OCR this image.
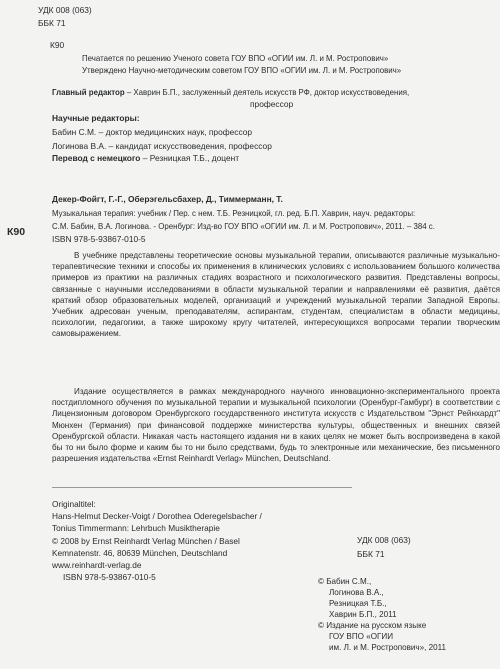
УДК 008 (063)
ББК 71
К90
Печатается по решению Ученого совета ГОУ ВПО «ОГИИ им. Л. и М. Ростропович»
Утверждено Научно-методическим советом ГОУ ВПО «ОГИИ им. Л. и М. Ростропович»
Главный редактор – Хаврин Б.П., заслуженный деятель искусств РФ, доктор искусствоведения,
профессор
Научные редакторы:
Бабин С.М. – доктор медицинских наук, профессор
Логинова В.А. – кандидат искусствоведения, профессор
Перевод с немецкого – Резницкая Т.Б., доцент
К90
Декер-Фойгт, Г.-Г., Оберэгельсбахер, Д., Тиммерманн, Т.
Музыкальная терапия: учебник / Пер. с нем. Т.Б. Резницкой, гл. ред. Б.П. Хаврин, науч. редакторы:
С.М. Бабин, В.А. Логинова. - Оренбург: Изд-во ГОУ ВПО «ОГИИ им. Л. и М. Ростропович», 2011. – 384 с.
ISBN 978-5-93867-010-5

В учебнике представлены теоретические основы музыкальной терапии, описываются различные музыкально-терапевтические техники и способы их применения в клинических условиях с использованием большого количества примеров из практики на различных стадиях возрастного и психологического развития. Представлены вопросы, связанные с научными исследованиями в области музыкальной терапии и направлениями её развития, даётся краткий обзор образовательных моделей, организаций и учреждений музыкальной терапии Западной Европы. Учебник адресован ученым, преподавателям, аспирантам, студентам, специалистам в области медицины, психологии, педагогики, а также широкому кругу читателей, интересующихся вопросами терапии творческим самовыражением.

Издание осуществляется в рамках международного научного инновационно-экспериментального проекта постдипломного обучения по музыкальной терапии и музыкальной психологии (Оренбург-Гамбург) в соответствии с Лицензионным договором Оренбургского государственного института искусств с Издательством "Эрнст Рейнхардт" Мюнхен (Германия) при финансовой поддержке министерства культуры, общественных и внешних связей Оренбургской области. Никакая часть настоящего издания ни в каких целях не может быть воспроизведена в какой бы то ни было форме и каким бы то ни было средствами, будь то электронные или механические, без письменного разрешения издательства «Ernst Reinhardt Verlag» München, Deutschland.

Originaltitel:
Hans-Helmut Decker-Voigt / Dorothea Oderegelsbacher /
Tonius Timmermann: Lehrbuch Musiktherapie
© 2008 by Ernst Reinhardt Verlag München / Basel
Kemnatenstr. 46, 80639 München, Deutschland
www.reinhardt-verlag.de
ISBN 978-5-93867-010-5
УДК 008 (063)
ББК 71
© Бабин С.М.,
Логинова В.А.,
Резницкая Т.Б.,
Хаврин Б.П., 2011
© Издание на русском языке
ГОУ ВПО «ОГИИ
им. Л. и М. Ростропович», 2011
